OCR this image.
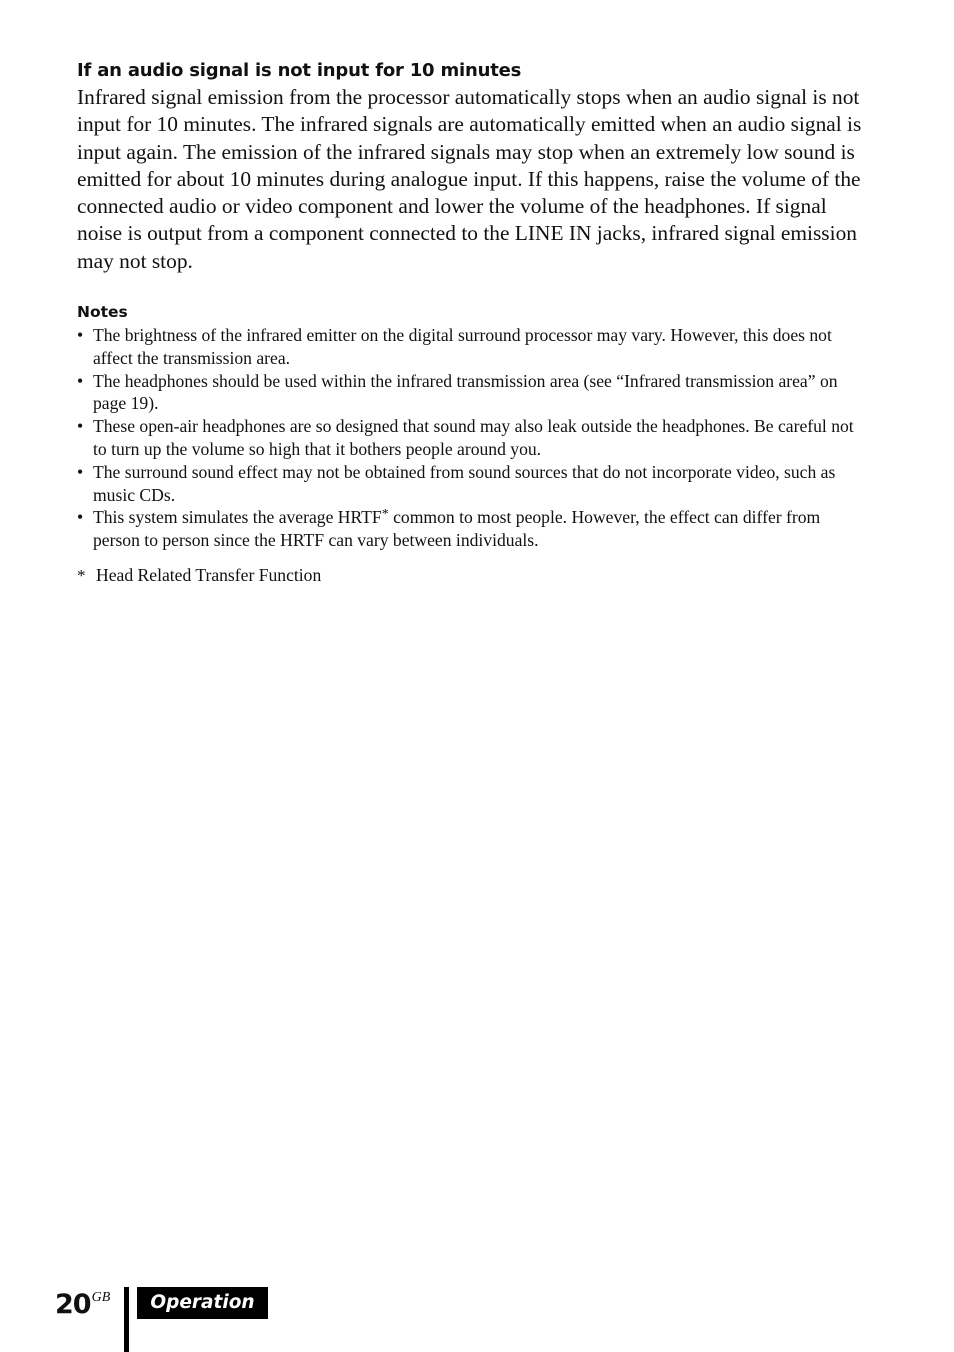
If an audio signal is not input for 10 minutes

Infrared signal emission from the processor automatically stops when an audio signal is not input for 10 minutes. The infrared signals are automatically emitted when an audio signal is input again. The emission of the infrared signals may stop when an extremely low sound is emitted for about 10 minutes during analogue input. If this happens, raise the volume of the connected audio or video component and lower the volume of the headphones. If signal noise is output from a component connected to the LINE IN jacks, infrared signal emission may not stop.

Notes
• The brightness of the infrared emitter on the digital surround processor may vary. However, this does not affect the transmission area.
• The headphones should be used within the infrared transmission area (see “Infrared transmission area” on page 19).
• These open-air headphones are so designed that sound may also leak outside the headphones. Be careful not to turn up the volume so high that it bothers people around you.
• The surround sound effect may not be obtained from sound sources that do not incorporate video, such as music CDs.
• This system simulates the average HRTF* common to most people. However, the effect can differ from person to person since the HRTF can vary between individuals.

* Head Related Transfer Function

$20^{GB}$	Operation
